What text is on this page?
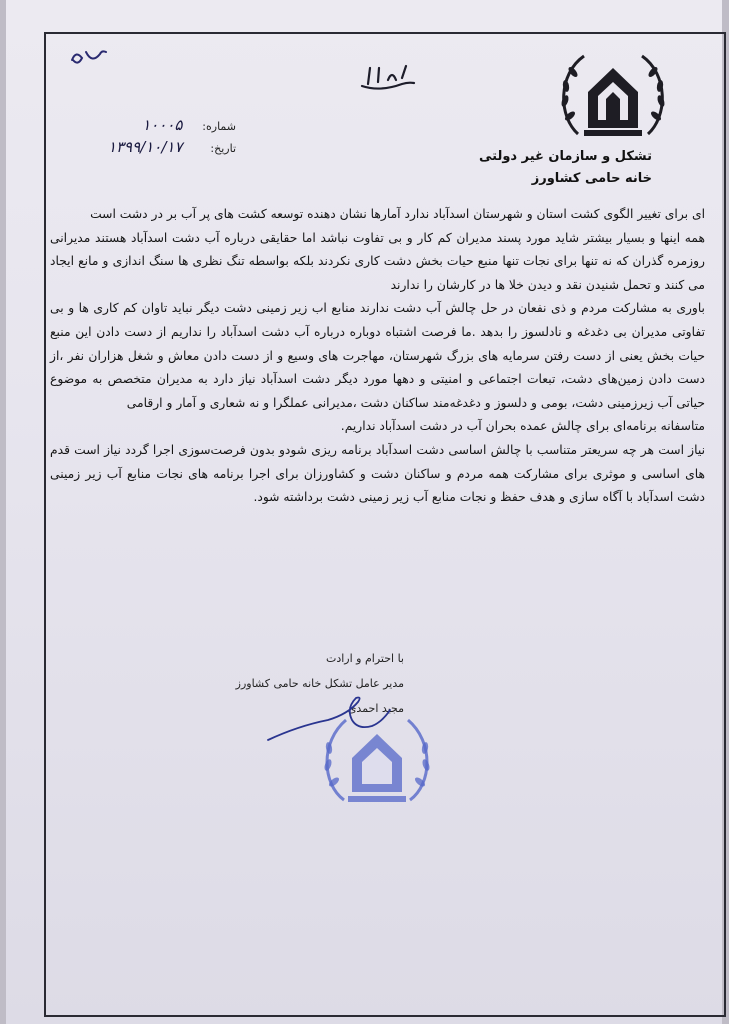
تشکل و سازمان غیر دولتی
خانه حامی کشاورز
شماره: ۱۰۰۰۵
تاریخ: ۱۳۹۹/۱۰/۱۷

ای برای تغییر الگوی کشت استان و شهرستان اسدآباد ندارد آمارها نشان دهنده توسعه کشت های پر آب بر در دشت است

همه اینها و بسیار بیشتر شاید مورد پسند مدیران کم کار و بی تفاوت نباشد اما حقایقی درباره آب دشت اسدآباد هستند مدیرانی روزمره گذران که نه تنها برای نجات تنها منبع حیات بخش دشت کاری نکردند بلکه بواسطه تنگ نظری ها سنگ اندازی و مانع ایجاد می کنند و تحمل شنیدن نقد و دیدن خلا ها در کارشان را ندارند

باوری به مشارکت مردم و ذی نفعان در حل چالش آب دشت ندارند منابع اب زیر زمینی دشت دیگر نباید تاوان کم کاری ها و بی تفاوتی مدیران بی دغدغه و نادلسوز را بدهد .ما فرصت اشتباه دوباره درباره آب دشت اسدآباد را نداریم از دست دادن این منبع حیات بخش یعنی از دست رفتن سرمایه های بزرگ شهرستان، مهاجرت های وسیع و از دست دادن معاش و شغل هزاران نفر ،از دست دادن زمین‌های دشت، تبعات اجتماعی و امنیتی و دهها مورد دیگر دشت اسدآباد نیاز دارد به مدیران متخصص به موضوع حیاتی آب زیرزمینی دشت، بومی و دلسوز و دغدغه‌مند ساکنان دشت ،مدیرانی عملگرا و نه شعاری و آمار و ارقامی

متاسفانه برنامه‌ای برای چالش عمده بحران آب در دشت اسدآباد نداریم.

نیاز است هر چه سریعتر متناسب با چالش اساسی دشت اسدآباد برنامه ریزی شودو بدون فرصت‌سوزی اجرا گردد نیاز است قدم های اساسی و موثری برای مشارکت همه مردم و ساکنان دشت و کشاورزان برای اجرا برنامه های نجات منابع آب زیر زمینی دشت اسدآباد با آگاه سازی و هدف حفظ و نجات منابع آب زیر زمینی دشت برداشته شود.

با احترام و ارادت
مدیر عامل تشکل خانه حامی کشاورز
مجید احمدی
